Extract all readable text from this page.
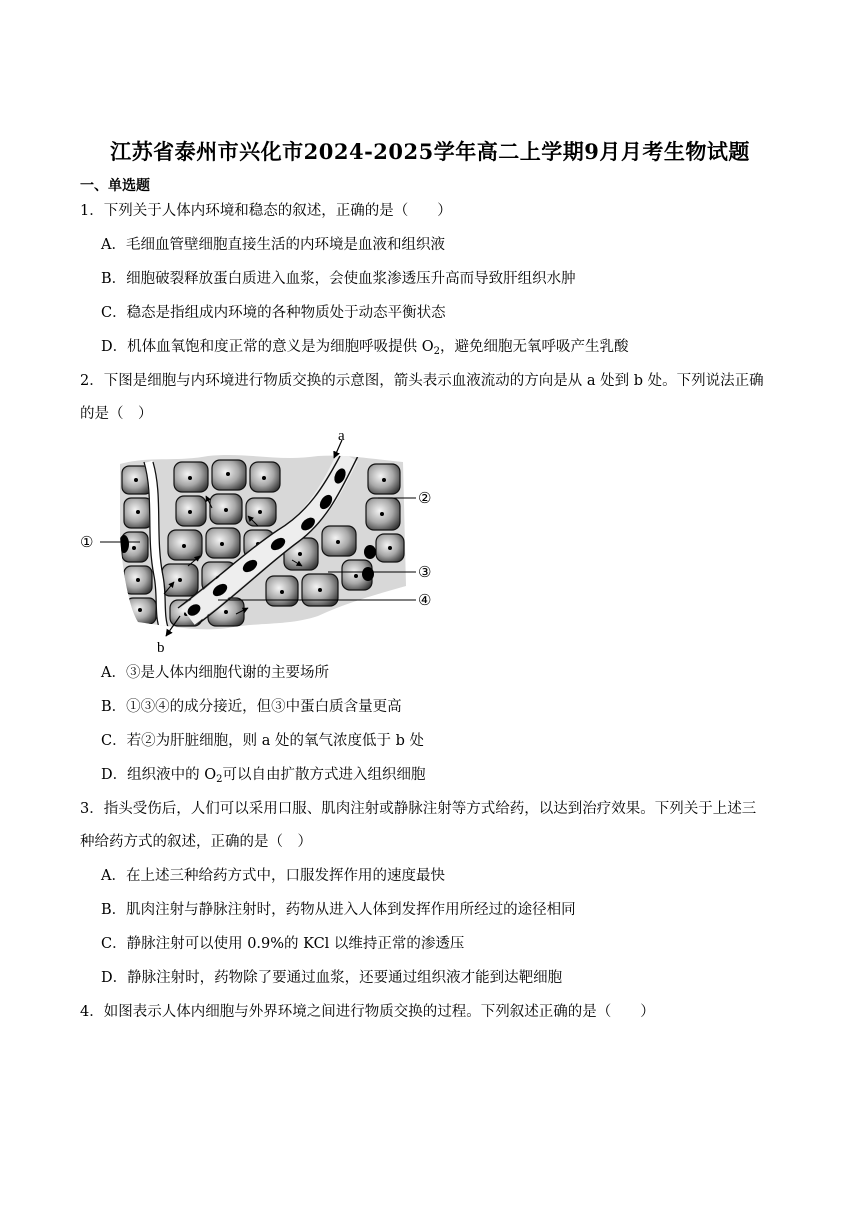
江苏省泰州市兴化市2024-2025学年高二上学期9月月考生物试题
一、单选题
1．下列关于人体内环境和稳态的叙述，正确的是（　　）
A．毛细血管壁细胞直接生活的内环境是血液和组织液
B．细胞破裂释放蛋白质进入血浆，会使血浆渗透压升高而导致肝组织水肿
C．稳态是指组成内环境的各种物质处于动态平衡状态
D．机体血氧饱和度正常的意义是为细胞呼吸提供 $O_2$，避免细胞无氧呼吸产生乳酸
2．下图是细胞与内环境进行物质交换的示意图，箭头表示血液流动的方向是从 a 处到 b 处。下列说法正确
的是（　）
a
b
①
②
③
④
A．③是人体内细胞代谢的主要场所
B．①③④的成分接近，但③中蛋白质含量更高
C．若②为肝脏细胞，则 a 处的氧气浓度低于 b 处
D．组织液中的 $O_2$可以自由扩散方式进入组织细胞
3．指头受伤后，人们可以采用口服、肌肉注射或静脉注射等方式给药，以达到治疗效果。下列关于上述三
种给药方式的叙述，正确的是（　）
A．在上述三种给药方式中，口服发挥作用的速度最快
B．肌肉注射与静脉注射时，药物从进入人体到发挥作用所经过的途径相同
C．静脉注射可以使用 0.9%的 KCl 以维持正常的渗透压
D．静脉注射时，药物除了要通过血浆，还要通过组织液才能到达靶细胞
4．如图表示人体内细胞与外界环境之间进行物质交换的过程。下列叙述正确的是（　　）
